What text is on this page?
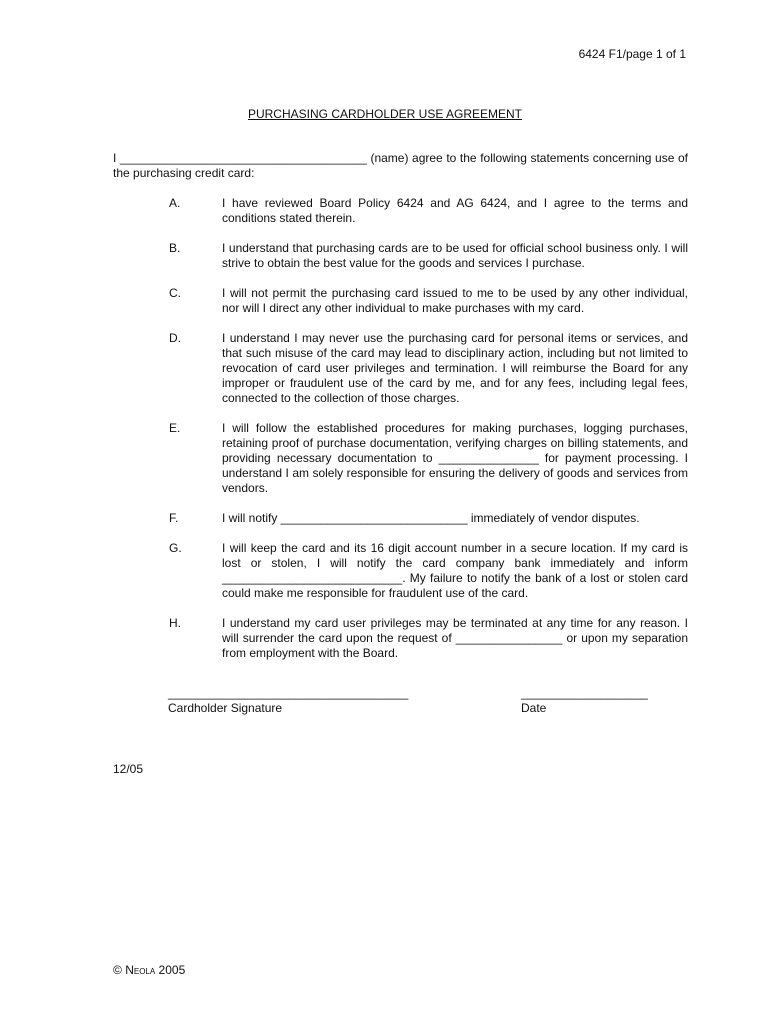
6424 F1/page 1 of 1
PURCHASING CARDHOLDER USE AGREEMENT
I _____________________________________ (name) agree to the following statements concerning use of the purchasing credit card:
A.	I have reviewed Board Policy 6424 and AG 6424, and I agree to the terms and conditions stated therein.
B.	I understand that purchasing cards are to be used for official school business only. I will strive to obtain the best value for the goods and services I purchase.
C.	I will not permit the purchasing card issued to me to be used by any other individual, nor will I direct any other individual to make purchases with my card.
D.	I understand I may never use the purchasing card for personal items or services, and that such misuse of the card may lead to disciplinary action, including but not limited to revocation of card user privileges and termination. I will reimburse the Board for any improper or fraudulent use of the card by me, and for any fees, including legal fees, connected to the collection of those charges.
E.	I will follow the established procedures for making purchases, logging purchases, retaining proof of purchase documentation, verifying charges on billing statements, and providing necessary documentation to _______________ for payment processing. I understand I am solely responsible for ensuring the delivery of goods and services from vendors.
F.	I will notify ____________________________ immediately of vendor disputes.
G.	I will keep the card and its 16 digit account number in a secure location. If my card is lost or stolen, I will notify the card company bank immediately and inform ___________________________. My failure to notify the bank of a lost or stolen card could make me responsible for fraudulent use of the card.
H.	I understand my card user privileges may be terminated at any time for any reason. I will surrender the card upon the request of ________________ or upon my separation from employment with the Board.
____________________________________
Cardholder Signature
___________________
Date
12/05
© Neola 2005
